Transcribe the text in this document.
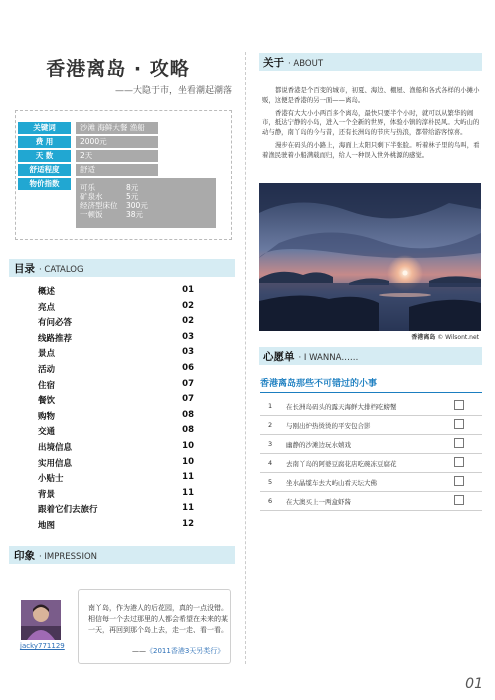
香港离岛 · 攻略
——大隐于市，坐看潮起潮落
关键词	沙滩 海鲜大餐 渔船
费 用	2000元
天 数	2天
舒适程度	舒适
物价指数	可乐	8元
矿泉水	5元
经济型床位	300元
一顿饭	38元
目录 · CATALOG
概述	01
亮点	02
有问必答	02
线路推荐	03
景点	03
活动	06
住宿	07
餐饮	07
购物	08
交通	08
出境信息	10
实用信息	10
小贴士	11
背景	11
跟着它们去旅行	11
地图	12
印象 · IMPRESSION
jacky771129
南丫岛，作为港人的后花园，真的一点没错。相信每一个去过那里的人都会希望在未来的某一天，再回到那个岛上去，走一走、看一看。
——《2011香港3天另类行》
关于 · ABOUT

都说香港是个百变的城市，初夏、海边、棚屋、渔船和各式各样的小摊小贩，这便是香港的另一面——离岛。

香港有大大小小两百多个离岛，最快只要半个小时，就可以从繁华的闹市，抵达宁静的小岛，进入一个全新的世界，体验小镇的淳朴民风。大屿山的动与静，南丫岛的今与昔，还有长洲岛的节庆与热浪，都带给游客惊喜。

漫步在码头的小路上，海面上太阳只剩下半张脸。听着林子里的鸟叫，看着渔民驶着小船满载而归，给人一种误入世外桃源的感觉。

香港离岛 © Wilsont.net
心愿单 · I WANNA……
香港离岛那些不可错过的小事
1 在长洲岛码头的露天海鲜大排档吃螃蟹
2 与刚出炉热烫烫的平安包合影
3 幽静的沙滩边玩水嬉戏
4 去南丫岛的阿婆豆腐花店吃碗冻豆腐花
5 坐水晶缆车去大屿山看天坛大佛
6 在大澳买上一两盒虾酱
01
